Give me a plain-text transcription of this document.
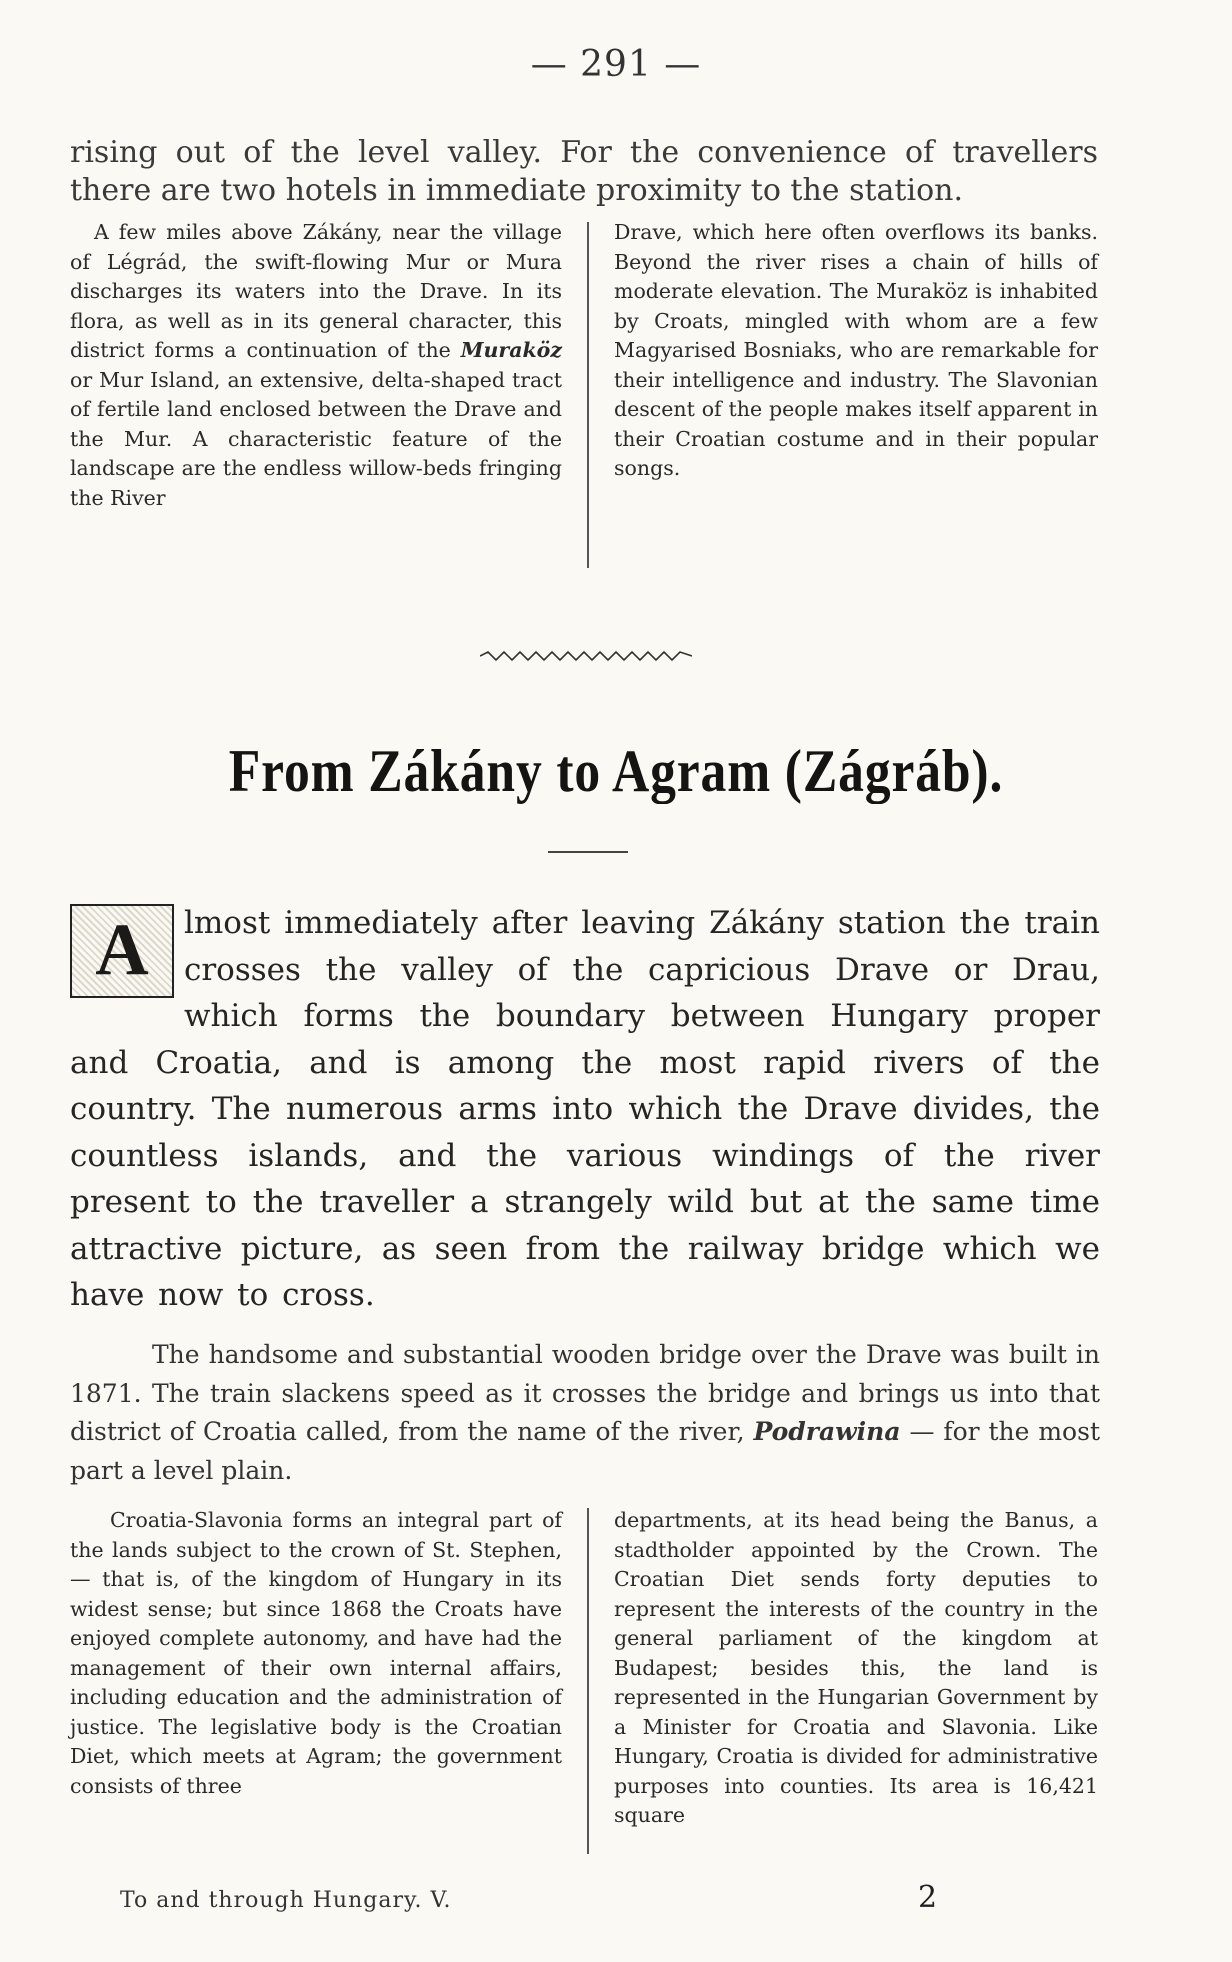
— 291 —

rising out of the level valley. For the convenience of travellers there are two hotels in immediate proximity to the station.

A few miles above Zákány, near the village of Légrád, the swift-flowing Mur or Mura discharges its waters into the Drave. In its flora, as well as in its general character, this district forms a continuation of the Muraköz or Mur Island, an extensive, delta-shaped tract of fertile land enclosed between the Drave and the Mur. A characteristic feature of the landscape are the endless willow-beds fringing the River

Drave, which here often overflows its banks. Beyond the river rises a chain of hills of moderate elevation. The Muraköz is inhabited by Croats, mingled with whom are a few Magyarised Bosniaks, who are remarkable for their intelligence and industry. The Slavonian descent of the people makes itself apparent in their Croatian costume and in their popular songs.

From Zákány to Agram (Zágráb).

A	lmost immediately after leaving Zákány station the train crosses the valley of the capricious Drave or Drau, which forms the boundary between Hungary proper and Croatia, and is among the most rapid rivers of the country. The numerous arms into which the Drave divides, the countless islands, and the various windings of the river present to the traveller a strangely wild but at the same time attractive picture, as seen from the railway bridge which we have now to cross.

The handsome and substantial wooden bridge over the Drave was built in 1871. The train slackens speed as it crosses the bridge and brings us into that district of Croatia called, from the name of the river, Podrawina — for the most part a level plain.

Croatia-Slavonia forms an integral part of the lands subject to the crown of St. Stephen, — that is, of the kingdom of Hungary in its widest sense; but since 1868 the Croats have enjoyed complete autonomy, and have had the management of their own internal affairs, including education and the administration of justice. The legislative body is the Croatian Diet, which meets at Agram; the government consists of three

departments, at its head being the Banus, a stadtholder appointed by the Crown. The Croatian Diet sends forty deputies to represent the interests of the country in the general parliament of the kingdom at Budapest; besides this, the land is represented in the Hungarian Government by a Minister for Croatia and Slavonia. Like Hungary, Croatia is divided for administrative purposes into counties. Its area is 16,421 square

To and through Hungary. V.	2
